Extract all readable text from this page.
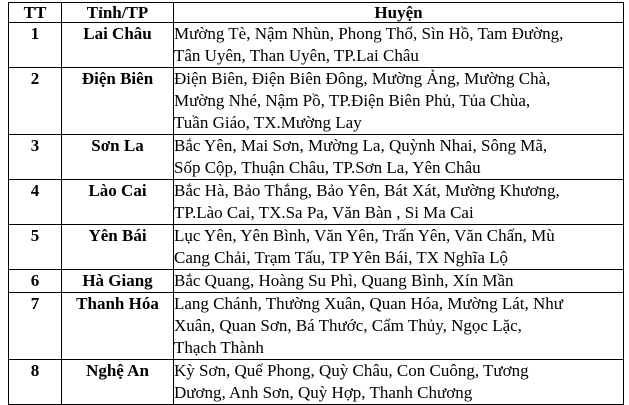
TT	Tỉnh/TP	Huyện
1	Lai Châu	Mường Tè, Nậm Nhùn, Phong Thổ, Sìn Hồ, Tam Đường,
Tân Uyên, Than Uyên, TP.Lai Châu

2	Điện Biên	Điện Biên, Điện Biên Đông, Mường Ảng, Mường Chà,
Mường Nhé, Nậm Pồ, TP.Điện Biên Phủ, Tủa Chùa,
Tuần Giáo, TX.Mường Lay

3	Sơn La	Bắc Yên, Mai Sơn, Mường La, Quỳnh Nhai, Sông Mã,
Sốp Cộp, Thuận Châu, TP.Sơn La, Yên Châu

4	Lào Cai	Bắc Hà, Bảo Thắng, Bảo Yên, Bát Xát, Mường Khương,
TP.Lào Cai, TX.Sa Pa, Văn Bàn , Si Ma Cai

5	Yên Bái	Lục Yên, Yên Bình, Văn Yên, Trấn Yên, Văn Chấn, Mù
Cang Chải, Trạm Tấu, TP Yên Bái, TX Nghĩa Lộ

6	Hà Giang	Bắc Quang, Hoàng Su Phì, Quang Bình, Xín Mần

7	Thanh Hóa	Lang Chánh, Thường Xuân, Quan Hóa, Mường Lát, Như
Xuân, Quan Sơn, Bá Thước, Cẩm Thủy, Ngọc Lặc,
Thạch Thành

8	Nghệ An	Kỳ Sơn, Quế Phong, Quỳ Châu, Con Cuông, Tương
Dương, Anh Sơn, Quỳ Hợp, Thanh Chương
